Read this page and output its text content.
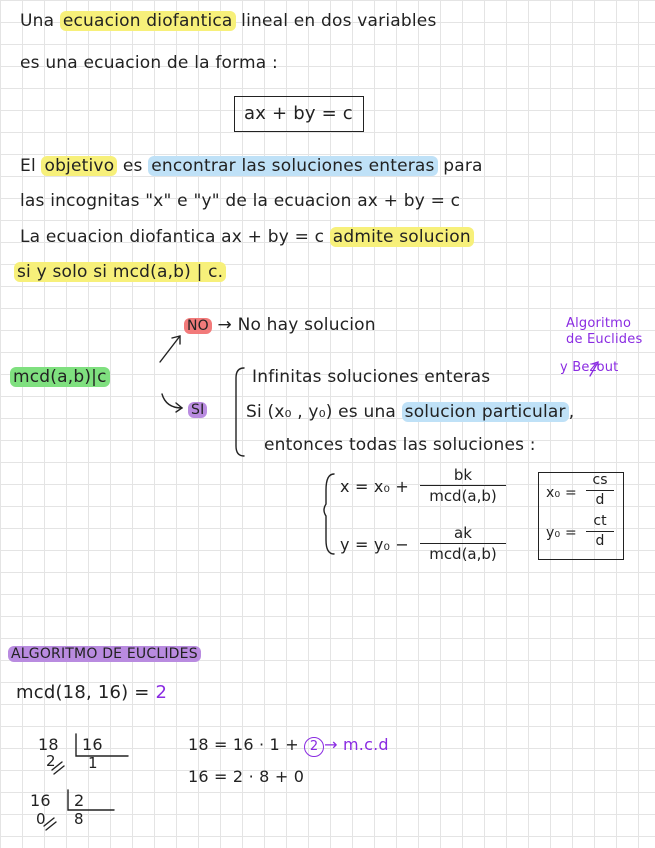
Una ecuacion diofantica lineal en dos variables
es una ecuacion de la forma :
ax + by = c
El objetivo es encontrar las soluciones enteras para
las incognitas "x" e "y" de la ecuacion ax + by = c
La ecuacion diofantica ax + by = c admite solucion
si y solo si mcd(a,b) | c.
mcd(a,b)|c
NO → No hay solucion
SI
Infinitas soluciones enteras
Si (x₀ , y₀) es una solucion particular ,
entonces todas las soluciones :
Algoritmo
de Euclides
y Bezout
x = x₀ +
bk
mcd(a,b)
y = y₀ −
ak
mcd(a,b)
x₀ =
cs
d
y₀ =
ct
d
ALGORITMO DE EUCLIDES
mcd(18, 16) = 2
18 16
2 1
16 2
0 8
18 = 16 · 1 + 2 → m.c.d
16 = 2 · 8 + 0
